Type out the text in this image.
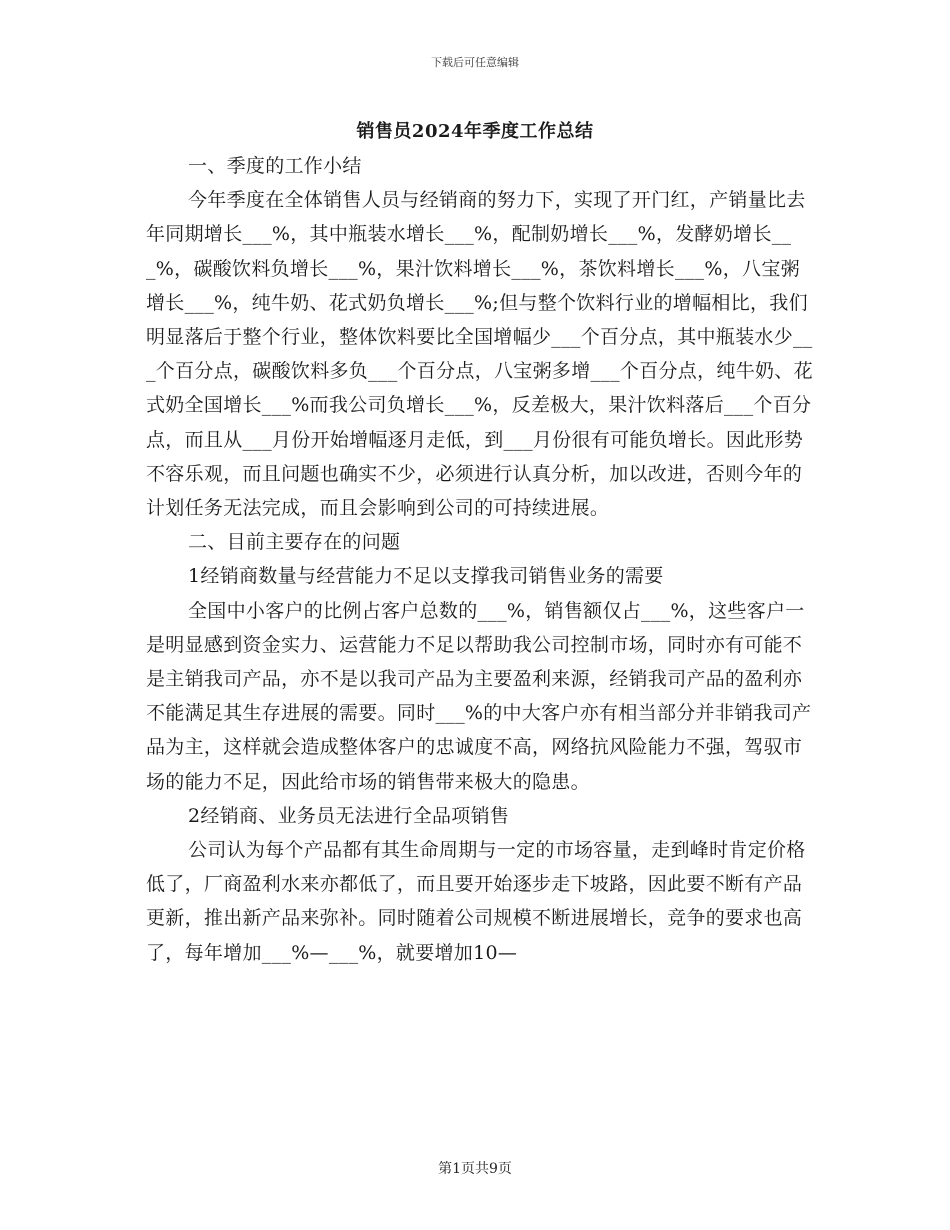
下载后可任意编辑
销售员2024年季度工作总结

一、季度的工作小结

今年季度在全体销售人员与经销商的努力下，实现了开门红，产销量比去年同期增长___%，其中瓶装水增长___%，配制奶增长___%，发酵奶增长___%，碳酸饮料负增长___%，果汁饮料增长___%，茶饮料增长___%，八宝粥增长___%，纯牛奶、花式奶负增长___%;但与整个饮料行业的增幅相比，我们明显落后于整个行业，整体饮料要比全国增幅少___个百分点，其中瓶装水少___个百分点，碳酸饮料多负___个百分点，八宝粥多增___个百分点，纯牛奶、花式奶全国增长___%而我公司负增长___%，反差极大，果汁饮料落后___个百分点，而且从___月份开始增幅逐月走低，到___月份很有可能负增长。因此形势不容乐观，而且问题也确实不少，必须进行认真分析，加以改进，否则今年的计划任务无法完成，而且会影响到公司的可持续进展。

二、目前主要存在的问题

1经销商数量与经营能力不足以支撑我司销售业务的需要

全国中小客户的比例占客户总数的___%，销售额仅占___%，这些客户一是明显感到资金实力、运营能力不足以帮助我公司控制市场，同时亦有可能不是主销我司产品，亦不是以我司产品为主要盈利来源，经销我司产品的盈利亦不能满足其生存进展的需要。同时___%的中大客户亦有相当部分并非销我司产品为主，这样就会造成整体客户的忠诚度不高，网络抗风险能力不强，驾驭市场的能力不足，因此给市场的销售带来极大的隐患。

2经销商、业务员无法进行全品项销售

公司认为每个产品都有其生命周期与一定的市场容量，走到峰时肯定价格低了，厂商盈利水来亦都低了，而且要开始逐步走下坡路，因此要不断有产品更新，推出新产品来弥补。同时随着公司规模不断进展增长，竞争的要求也高了，每年增加___%—___%，就要增加10—

第1页共9页
